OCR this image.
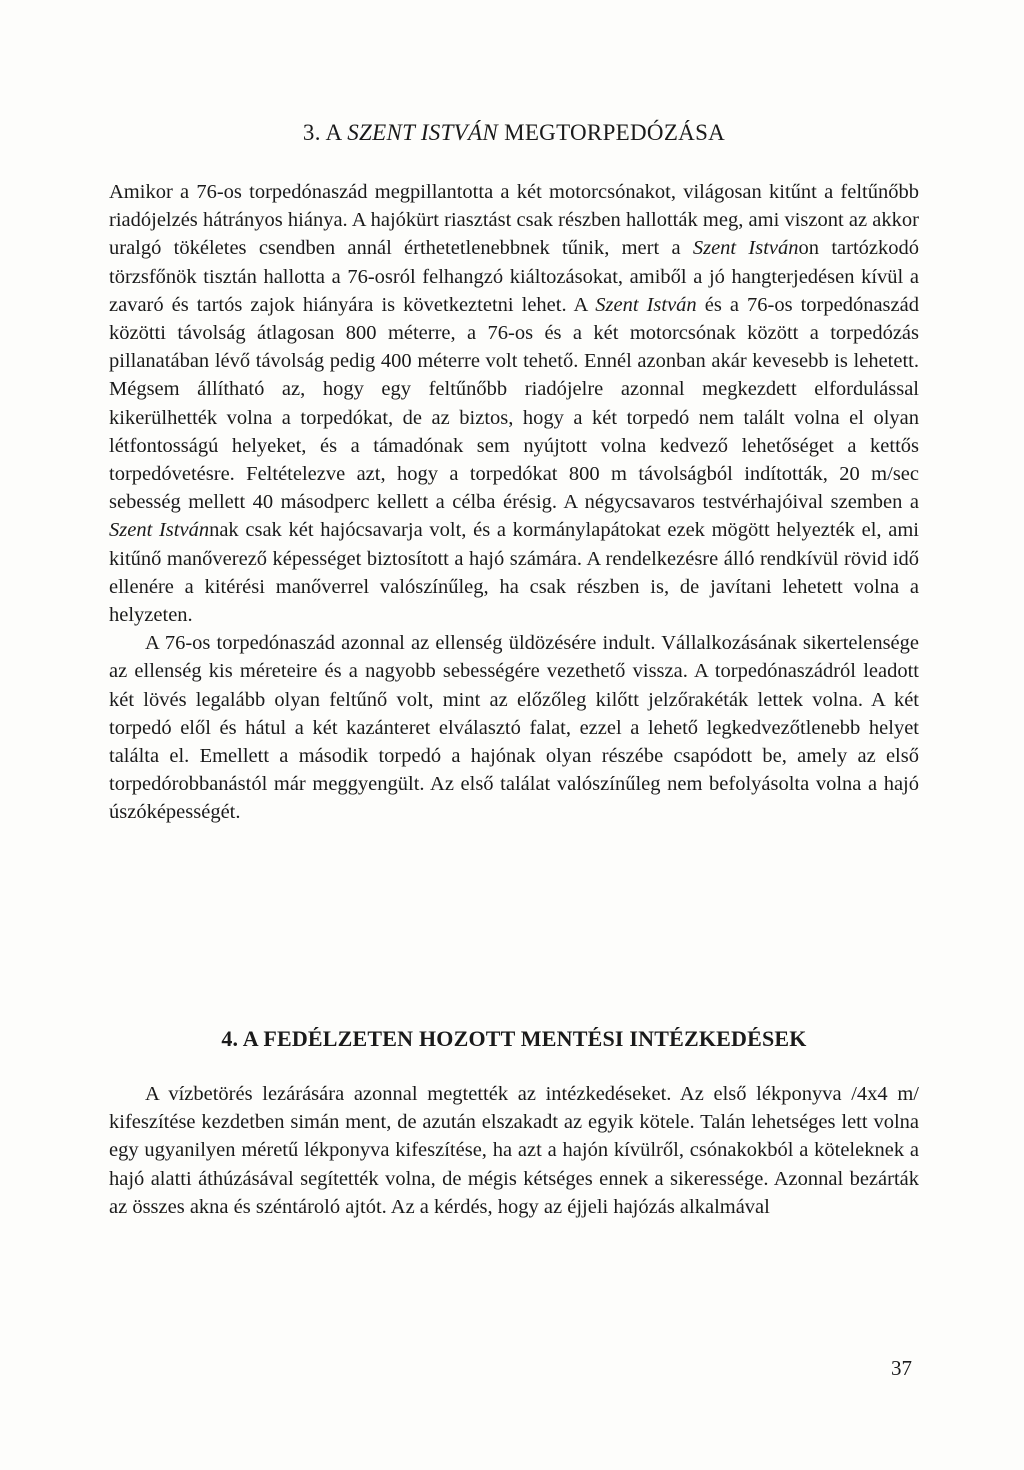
3. A SZENT ISTVÁN MEGTORPEDÓZÁSA

Amikor a 76-os torpedónaszád megpillantotta a két motorcsónakot, világosan kitűnt a feltűnőbb riadójelzés hátrányos hiánya. A hajókürt riasztást csak részben hallották meg, ami viszont az akkor uralgó tökéletes csendben annál érthetetlenebbnek tűnik, mert a Szent Istvánon tartózkodó törzsfőnök tisztán hallotta a 76-osról felhangzó kiáltozásokat, amiből a jó hangterjedésen kívül a zavaró és tartós zajok hiányára is következtetni lehet. A Szent István és a 76-os torpedónaszád közötti távolság átlagosan 800 méterre, a 76-os és a két motorcsónak között a torpedózás pillanatában lévő távolság pedig 400 méterre volt tehető. Ennél azonban akár kevesebb is lehetett. Mégsem állítható az, hogy egy feltűnőbb riadójelre azonnal megkezdett elfordulással kikerülhették volna a torpedókat, de az biztos, hogy a két torpedó nem talált volna el olyan létfontosságú helyeket, és a támadónak sem nyújtott volna kedvező lehetőséget a kettős torpedóvetésre. Feltételezve azt, hogy a torpedókat 800 m távolságból indították, 20 m/sec sebesség mellett 40 másodperc kellett a célba érésig. A négycsavaros testvérhajóival szemben a Szent Istvánnak csak két hajócsavarja volt, és a kormánylapátokat ezek mögött helyezték el, ami kitűnő manőverező képességet biztosított a hajó számára. A rendelkezésre álló rendkívül rövid idő ellenére a kitérési manőverrel valószínűleg, ha csak részben is, de javítani lehetett volna a helyzeten.

A 76-os torpedónaszád azonnal az ellenség üldözésére indult. Vállalkozásának sikertelensége az ellenség kis méreteire és a nagyobb sebességére vezethető vissza. A torpedónaszádról leadott két lövés legalább olyan feltűnő volt, mint az előzőleg kilőtt jelzőrakéták lettek volna. A két torpedó elől és hátul a két kazánteret elválasztó falat, ezzel a lehető legkedvezőtlenebb helyet találta el. Emellett a második torpedó a hajónak olyan részébe csapódott be, amely az első torpedórobbanástól már meggyengült. Az első találat valószínűleg nem befolyásolta volna a hajó úszóképességét.

4. A FEDÉLZETEN HOZOTT MENTÉSI INTÉZKEDÉSEK

A vízbetörés lezárására azonnal megtették az intézkedéseket. Az első lékponyva /4x4 m/ kifeszítése kezdetben simán ment, de azután elszakadt az egyik kötele. Talán lehetséges lett volna egy ugyanilyen méretű lékponyva kifeszítése, ha azt a hajón kívülről, csónakokból a köteleknek a hajó alatti áthúzásával segítették volna, de mégis kétséges ennek a sikeressége. Azonnal bezárták az összes akna és széntároló ajtót. Az a kérdés, hogy az éjjeli hajózás alkalmával

37
